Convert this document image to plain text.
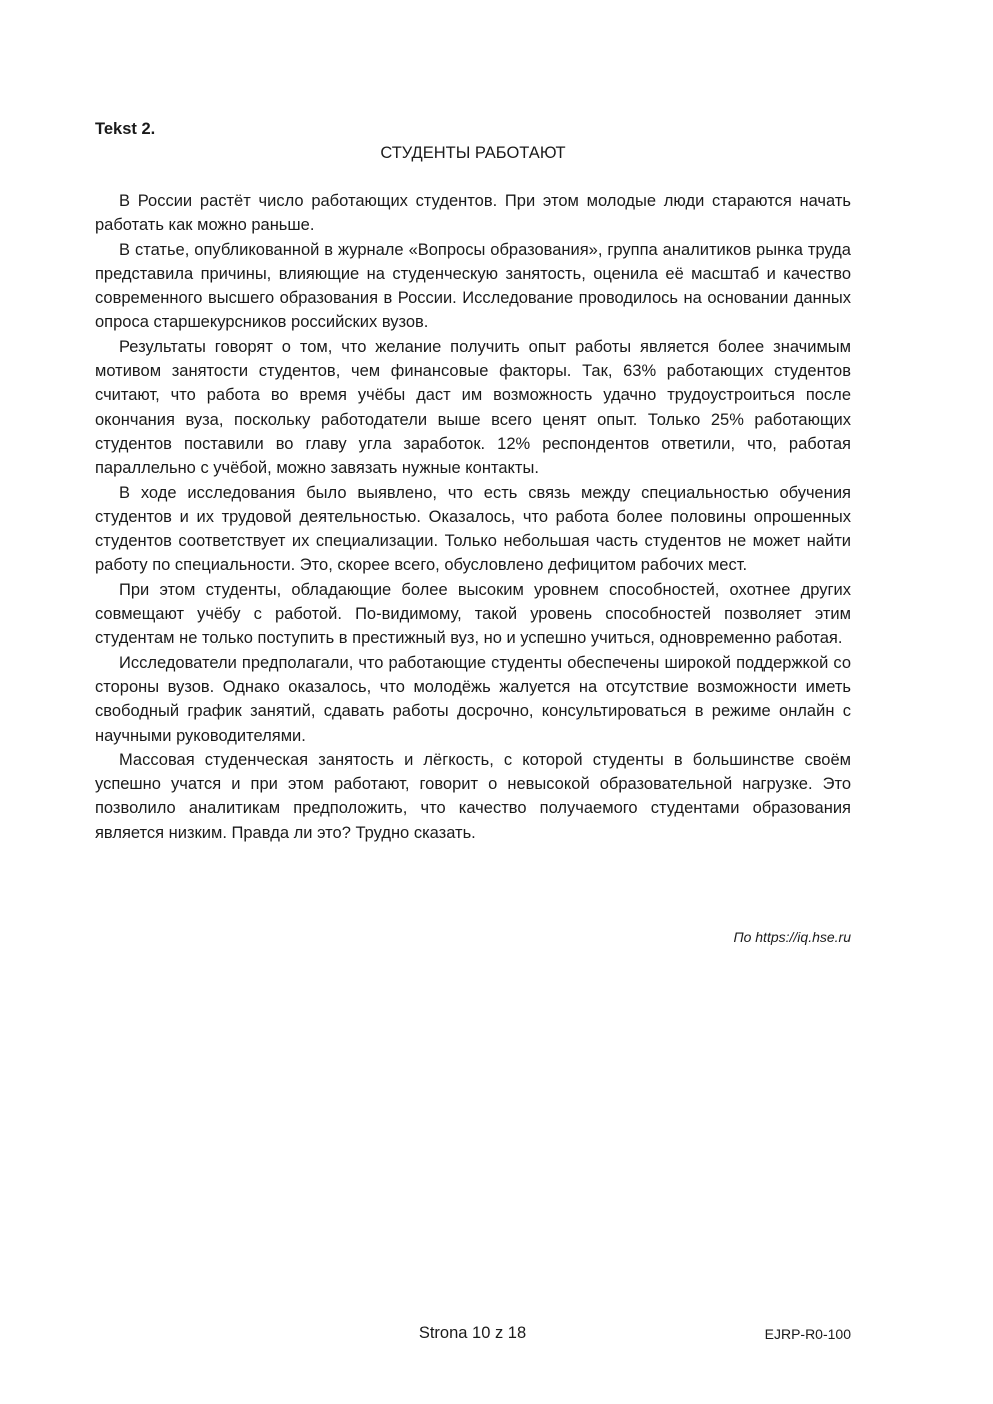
Tekst 2.
СТУДЕНТЫ РАБОТАЮТ

В России растёт число работающих студентов. При этом молодые люди стараются начать работать как можно раньше.

В статье, опубликованной в журнале «Вопросы образования», группа аналитиков рынка труда представила причины, влияющие на студенческую занятость, оценила её масштаб и качество современного высшего образования в России. Исследование проводилось на основании данных опроса старшекурсников российских вузов.

Результаты говорят о том, что желание получить опыт работы является более значимым мотивом занятости студентов, чем финансовые факторы. Так, 63% работающих студентов считают, что работа во время учёбы даст им возможность удачно трудоустроиться после окончания вуза, поскольку работодатели выше всего ценят опыт. Только 25% работающих студентов поставили во главу угла заработок. 12% респондентов ответили, что, работая параллельно с учёбой, можно завязать нужные контакты.

В ходе исследования было выявлено, что есть связь между специальностью обучения студентов и их трудовой деятельностью. Оказалось, что работа более половины опрошенных студентов соответствует их специализации. Только небольшая часть студентов не может найти работу по специальности. Это, скорее всего, обусловлено дефицитом рабочих мест.

При этом студенты, обладающие более высоким уровнем способностей, охотнее других совмещают учёбу с работой. По-видимому, такой уровень способностей позволяет этим студентам не только поступить в престижный вуз, но и успешно учиться, одновременно работая.

Исследователи предполагали, что работающие студенты обеспечены широкой поддержкой со стороны вузов. Однако оказалось, что молодёжь жалуется на отсутствие возможности иметь свободный график занятий, сдавать работы досрочно, консультироваться в режиме онлайн с научными руководителями.

Массовая студенческая занятость и лёгкость, с которой студенты в большинстве своём успешно учатся и при этом работают, говорит о невысокой образовательной нагрузке. Это позволило аналитикам предположить, что качество получаемого студентами образования является низким. Правда ли это? Трудно сказать.

По https://iq.hse.ru
Strona 10 z 18	EJRP-R0-100
